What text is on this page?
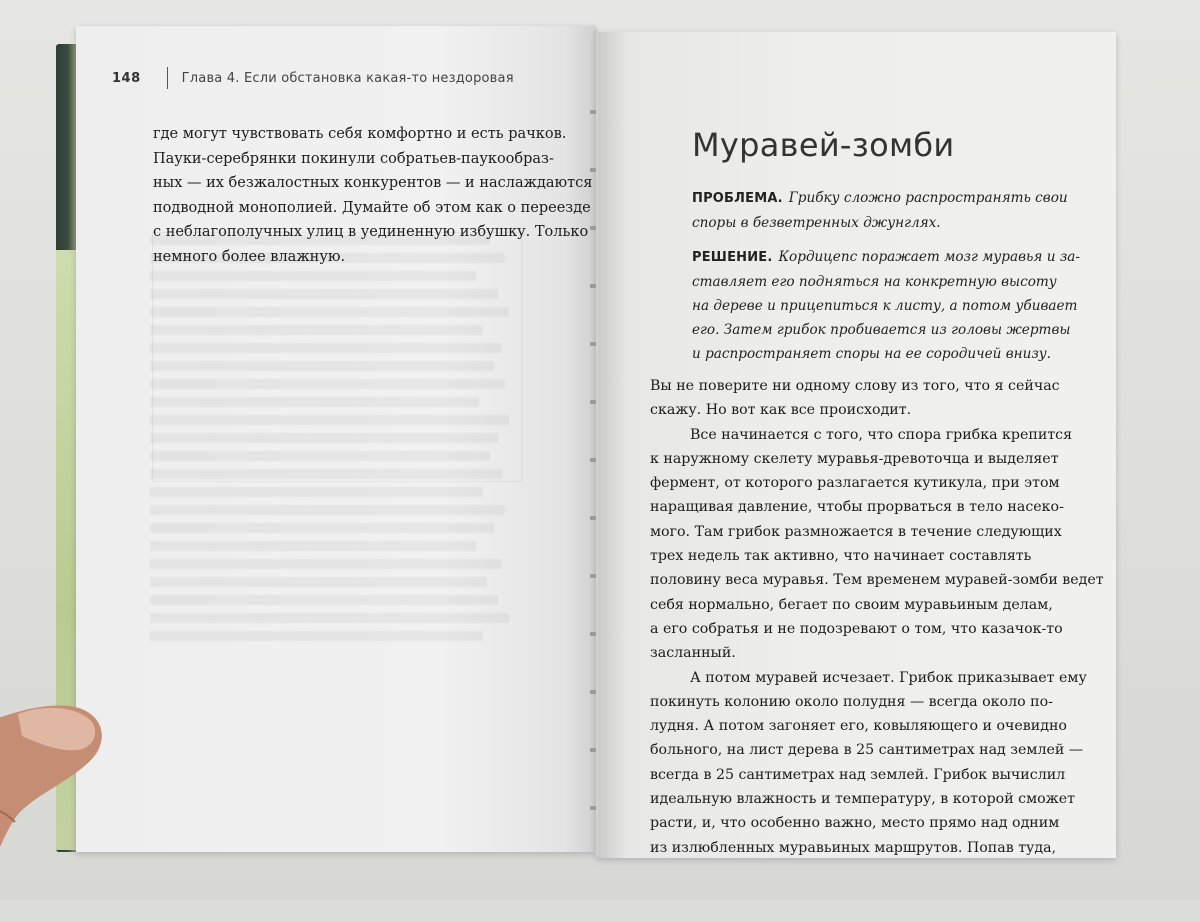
148	Глава 4. Если обстановка какая-то нездоровая

где могут чувствовать себя комфортно и есть рачков.

Пауки-серебрянки покинули собратьев-паукообраз-

ных — их безжалостных конкурентов — и наслаждаются

подводной монополией. Думайте об этом как о переезде

с неблагополучных улиц в уединенную избушку. Только

немного более влажную.

Муравей-зомби
ПРОБЛЕМА. Грибку сложно распространять свои
споры в безветренных джунглях.
РЕШЕНИЕ. Кордицепс поражает мозг муравья и за-
ставляет его подняться на конкретную высоту
на дереве и прицепиться к листу, а потом убивает
его. Затем грибок пробивается из головы жертвы
и распространяет споры на ее сородичей внизу.
Вы не поверите ни одному слову из того, что я сейчас
скажу. Но вот как все происходит.
Все начинается с того, что спора грибка крепится
к наружному скелету муравья-древоточца и выделяет
фермент, от которого разлагается кутикула, при этом
наращивая давление, чтобы прорваться в тело насеко-
мого. Там грибок размножается в течение следующих
трех недель так активно, что начинает составлять
половину веса муравья. Тем временем муравей-зомби ведет
себя нормально, бегает по своим муравьиным делам,
а его собратья и не подозревают о том, что казачок-то
засланный.
А потом муравей исчезает. Грибок приказывает ему
покинуть колонию около полудня — всегда около по-
лудня. А потом загоняет его, ковыляющего и очевидно
больного, на лист дерева в 25 сантиметрах над землей —
всегда в 25 сантиметрах над землей. Грибок вычислил
идеальную влажность и температуру, в которой сможет
расти, и, что особенно важно, место прямо над одним
из излюбленных муравьиных маршрутов. Попав туда,
